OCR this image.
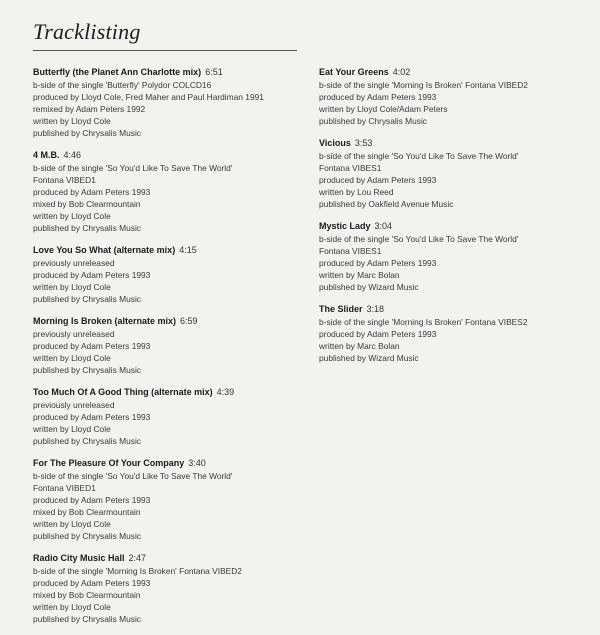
Tracklisting
Butterfly (the Planet Ann Charlotte mix) 6:51
b-side of the single 'Butterfly' Polydor COLCD16
produced by Lloyd Cole, Fred Maher and Paul Hardiman 1991
remixed by Adam Peters 1992
written by Lloyd Cole
published by Chrysalis Music
4 M.B. 4:46
b-side of the single 'So You'd Like To Save The World'
Fontana VIBED1
produced by Adam Peters 1993
mixed by Bob Clearmountain
written by Lloyd Cole
published by Chrysalis Music
Love You So What (alternate mix) 4:15
previously unreleased
produced by Adam Peters 1993
written by Lloyd Cole
published by Chrysalis Music
Morning Is Broken (alternate mix) 6:59
previously unreleased
produced by Adam Peters 1993
written by Lloyd Cole
published by Chrysalis Music
Too Much Of A Good Thing (alternate mix) 4:39
previously unreleased
produced by Adam Peters 1993
written by Lloyd Cole
published by Chrysalis Music
For The Pleasure Of Your Company 3:40
b-side of the single 'So You'd Like To Save The World'
Fontana VIBED1
produced by Adam Peters 1993
mixed by Bob Clearmountain
written by Lloyd Cole
published by Chrysalis Music
Radio City Music Hall 2:47
b-side of the single 'Morning Is Broken' Fontana VIBED2
produced by Adam Peters 1993
mixed by Bob Clearmountain
written by Lloyd Cole
published by Chrysalis Music
Eat Your Greens 4:02
b-side of the single 'Morning Is Broken' Fontana VIBED2
produced by Adam Peters 1993
written by Lloyd Cole/Adam Peters
published by Chrysalis Music
Vicious 3:53
b-side of the single 'So You'd Like To Save The World'
Fontana VIBES1
produced by Adam Peters 1993
written by Lou Reed
published by Oakfield Avenue Music
Mystic Lady 3:04
b-side of the single 'So You'd Like To Save The World'
Fontana VIBES1
produced by Adam Peters 1993
written by Marc Bolan
published by Wizard Music
The Slider 3:18
b-side of the single 'Morning Is Broken' Fontana VIBES2
produced by Adam Peters 1993
written by Marc Bolan
published by Wizard Music
